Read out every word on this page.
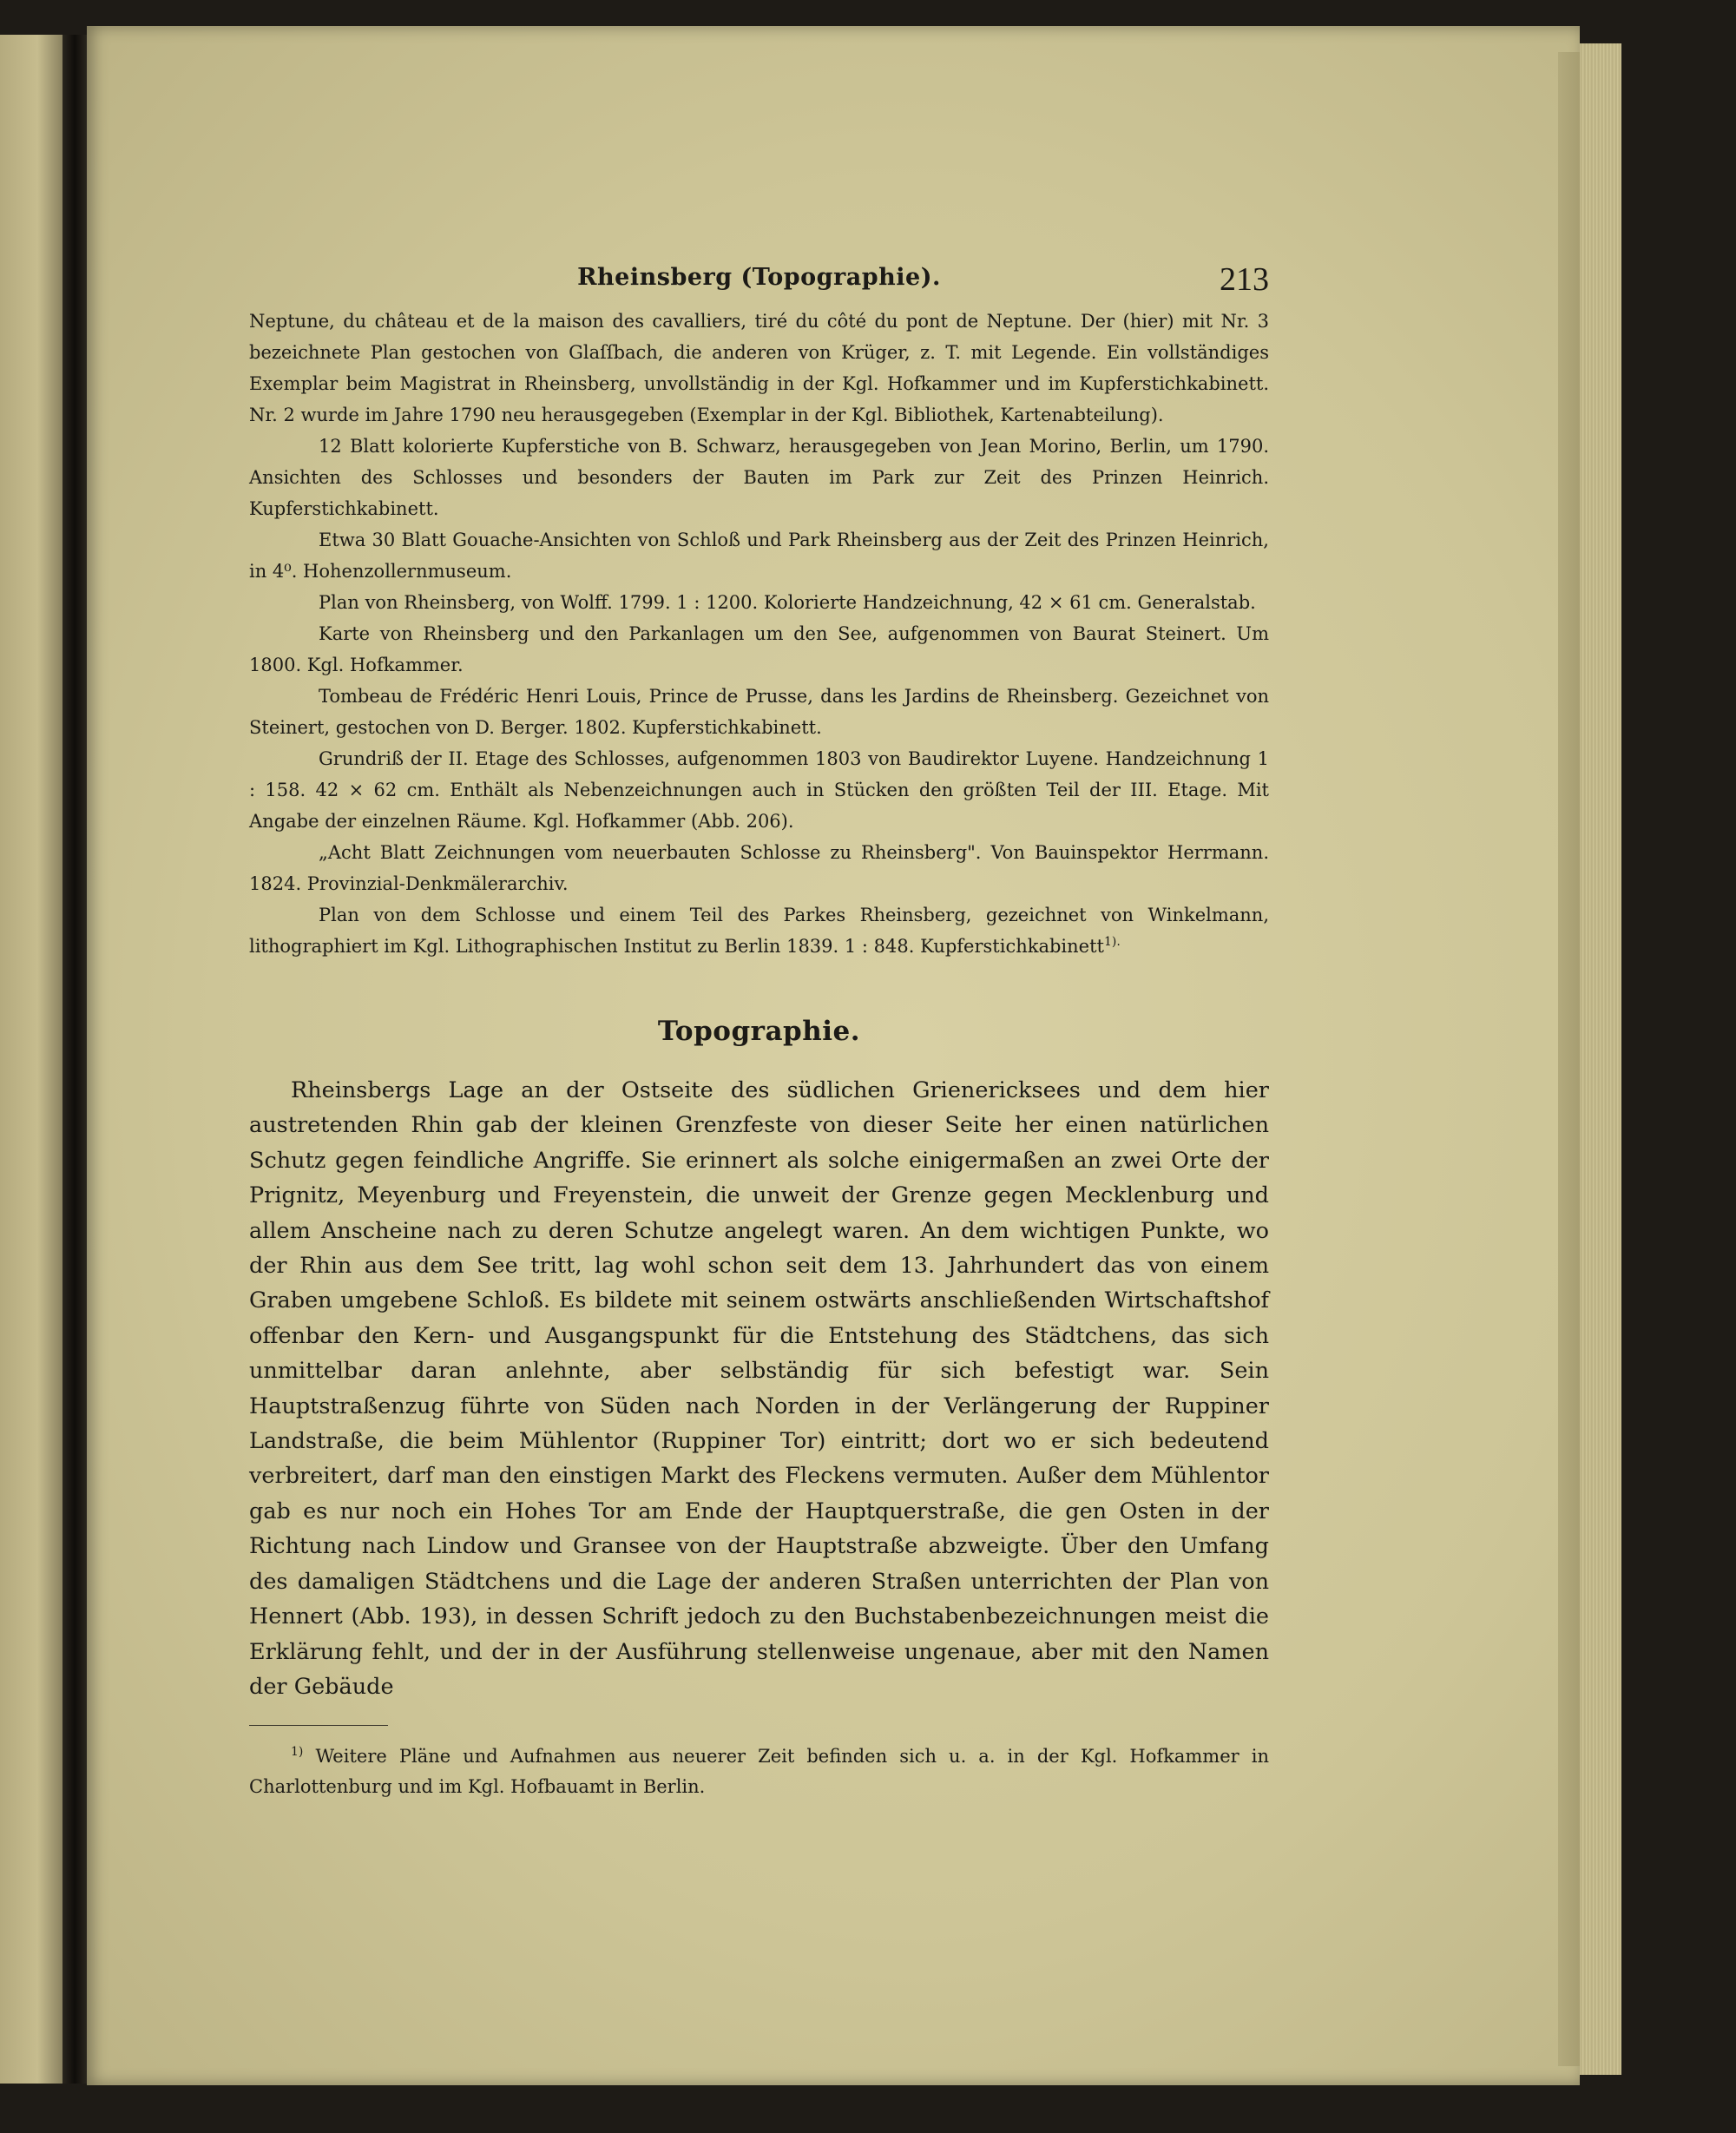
Rheinsberg (Topographie).	213

Neptune, du château et de la maison des cavalliers, tiré du côté du pont de Neptune. Der (hier) mit Nr. 3 bezeichnete Plan gestochen von Glaſſbach, die anderen von Krüger, z. T. mit Legende. Ein vollständiges Exemplar beim Magistrat in Rheinsberg, unvollständig in der Kgl. Hofkammer und im Kupferstichkabinett. Nr. 2 wurde im Jahre 1790 neu herausgegeben (Exemplar in der Kgl. Bibliothek, Kartenabteilung).

12 Blatt kolorierte Kupferstiche von B. Schwarz, herausgegeben von Jean Morino, Berlin, um 1790. Ansichten des Schlosses und besonders der Bauten im Park zur Zeit des Prinzen Heinrich. Kupferstichkabinett.

Etwa 30 Blatt Gouache-Ansichten von Schloß und Park Rheinsberg aus der Zeit des Prinzen Heinrich, in 4⁰. Hohenzollernmuseum.

Plan von Rheinsberg, von Wolff. 1799. 1 : 1200. Kolorierte Handzeichnung, 42 × 61 cm. Generalstab.

Karte von Rheinsberg und den Parkanlagen um den See, aufgenommen von Baurat Steinert. Um 1800. Kgl. Hofkammer.

Tombeau de Frédéric Henri Louis, Prince de Prusse, dans les Jardins de Rheinsberg. Gezeichnet von Steinert, gestochen von D. Berger. 1802. Kupferstichkabinett.

Grundriß der II. Etage des Schlosses, aufgenommen 1803 von Baudirektor Luyene. Handzeichnung 1 : 158. 42 × 62 cm. Enthält als Nebenzeichnungen auch in Stücken den größten Teil der III. Etage. Mit Angabe der einzelnen Räume. Kgl. Hofkammer (Abb. 206).

„Acht Blatt Zeichnungen vom neuerbauten Schlosse zu Rheinsberg". Von Bauinspektor Herrmann. 1824. Provinzial-Denkmälerarchiv.

Plan von dem Schlosse und einem Teil des Parkes Rheinsberg, gezeichnet von Winkelmann, lithographiert im Kgl. Lithographischen Institut zu Berlin 1839. 1 : 848. Kupferstichkabinett$^{1).}$

Topographie.

Rheinsbergs Lage an der Ostseite des südlichen Grienericksees und dem hier austretenden Rhin gab der kleinen Grenzfeste von dieser Seite her einen natürlichen Schutz gegen feindliche Angriffe. Sie erinnert als solche einigermaßen an zwei Orte der Prignitz, Meyenburg und Freyenstein, die unweit der Grenze gegen Mecklenburg und allem Anscheine nach zu deren Schutze angelegt waren. An dem wichtigen Punkte, wo der Rhin aus dem See tritt, lag wohl schon seit dem 13. Jahrhundert das von einem Graben umgebene Schloß. Es bildete mit seinem ostwärts anschließenden Wirtschaftshof offenbar den Kern- und Ausgangspunkt für die Entstehung des Städtchens, das sich unmittelbar daran anlehnte, aber selbständig für sich befestigt war. Sein Hauptstraßenzug führte von Süden nach Norden in der Verlängerung der Ruppiner Landstraße, die beim Mühlentor (Ruppiner Tor) eintritt; dort wo er sich bedeutend verbreitert, darf man den einstigen Markt des Fleckens vermuten. Außer dem Mühlentor gab es nur noch ein Hohes Tor am Ende der Hauptquerstraße, die gen Osten in der Richtung nach Lindow und Gransee von der Hauptstraße abzweigte. Über den Umfang des damaligen Städtchens und die Lage der anderen Straßen unterrichten der Plan von Hennert (Abb. 193), in dessen Schrift jedoch zu den Buchstabenbezeichnungen meist die Erklärung fehlt, und der in der Ausführung stellenweise ungenaue, aber mit den Namen der Gebäude

$^{1)}$ Weitere Pläne und Aufnahmen aus neuerer Zeit befinden sich u. a. in der Kgl. Hofkammer in Charlottenburg und im Kgl. Hofbauamt in Berlin.
